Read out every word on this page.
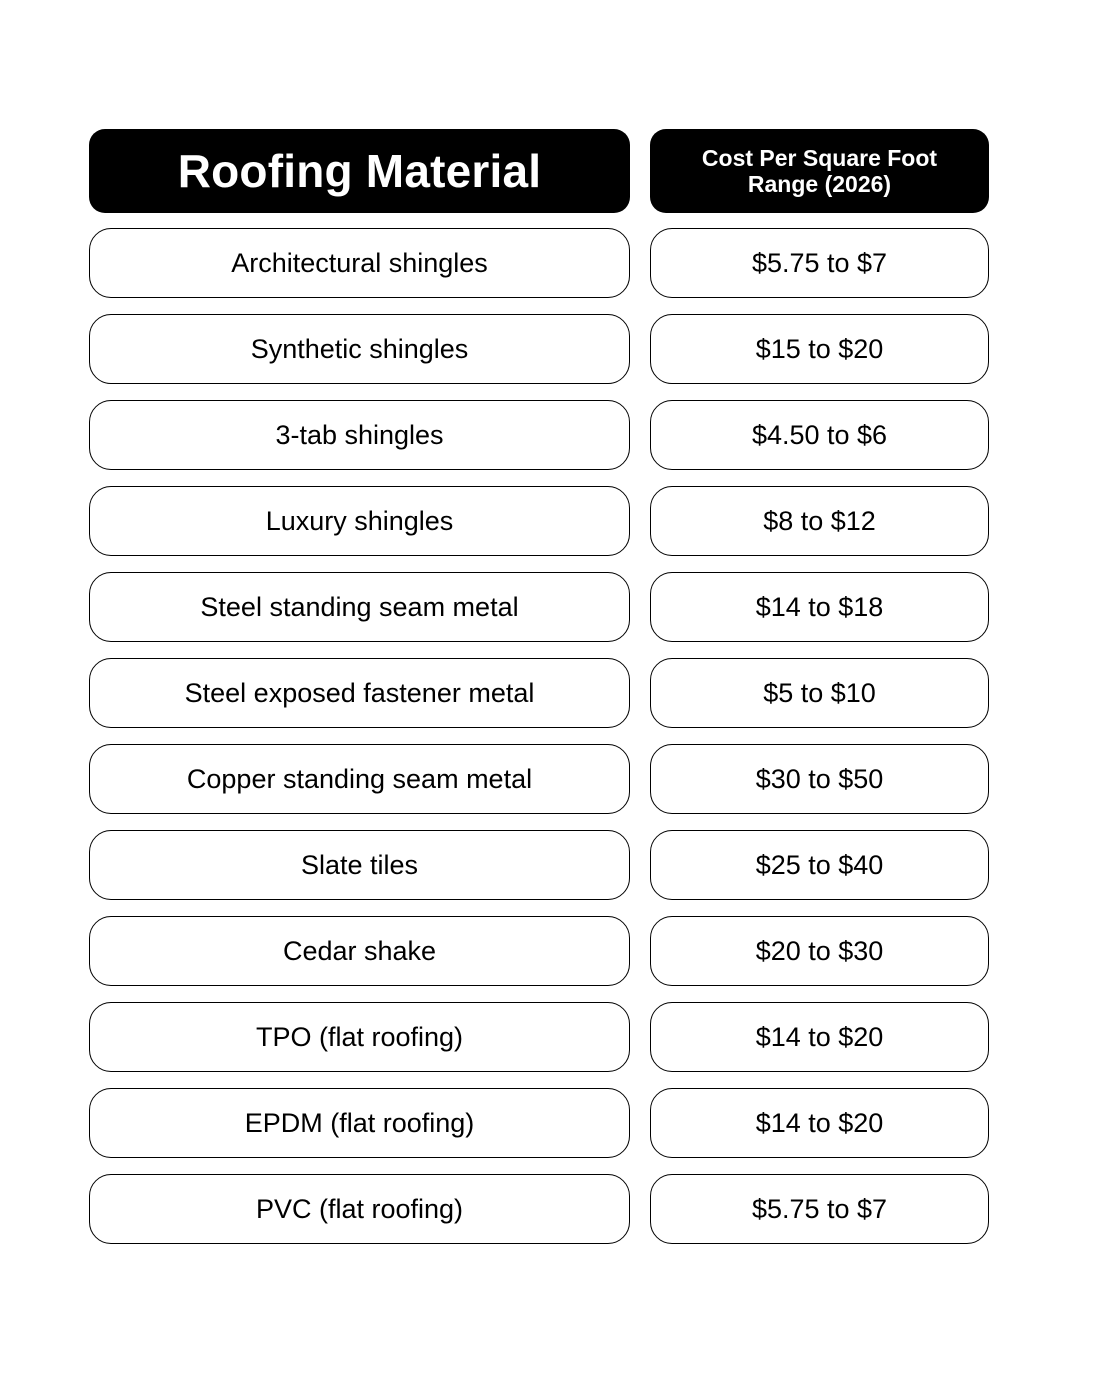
Roofing Material	Cost Per Square Foot Range (2026)
Architectural shingles	$5.75 to $7
Synthetic shingles	$15 to $20
3-tab shingles	$4.50 to $6
Luxury shingles	$8 to $12
Steel standing seam metal	$14 to $18
Steel exposed fastener metal	$5 to $10
Copper standing seam metal	$30 to $50
Slate tiles	$25 to $40
Cedar shake	$20 to $30
TPO (flat roofing)	$14 to $20
EPDM (flat roofing)	$14 to $20
PVC (flat roofing)	$5.75 to $7
